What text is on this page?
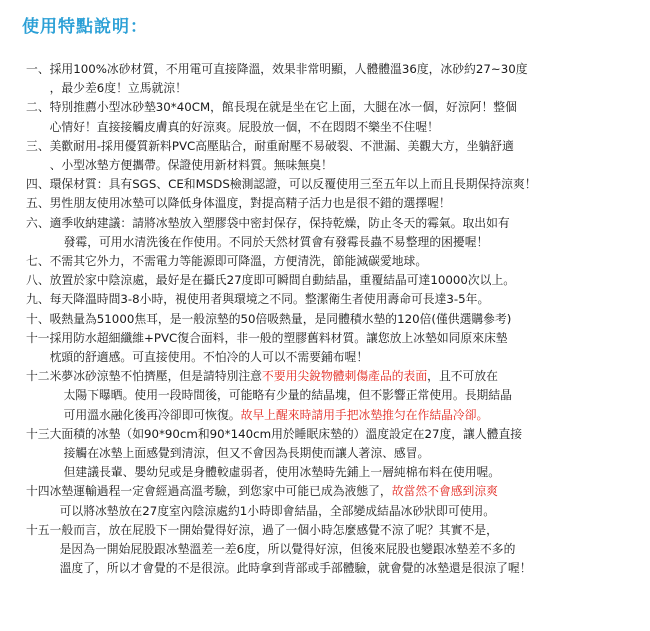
使用特點說明：
一、 採用100%冰砂材質，不用電可直接降溫，效果非常明顯，人體體溫36度，冰砂約27~30度
，最少差6度！立馬就涼！
二、 特別推薦小型冰砂墊30*40CM，館長現在就是坐在它上面，大腿在冰一個，好涼阿！整個
心情好！直接接觸皮膚真的好涼爽。屁股放一個，不在悶悶不樂坐不住喔！
三、 美歡耐用-採用優質新料PVC高壓貼合，耐重耐壓不易破裂、不泄漏、美觀大方，坐躺舒適
、小型冰墊方便攜帶。保證使用新材料質。無味無臭！
四、 環保材質：具有SGS、CE和MSDS檢測認證，可以反覆使用三至五年以上而且長期保持涼爽！
五、 男性朋友使用冰墊可以降低身体溫度，對提高精子活力也是很不錯的選擇喔！
六、 適季收納建議：請將冰墊放入塑膠袋中密封保存，保持乾燥，防止冬天的霉氣。取出如有
發霉，可用水清洗後在作使用。不同於天然材質會有發霉長蟲不易整理的困擾喔！
七、 不需其它外力，不需電力等能源即可降溫，方便清洗，節能減碳愛地球。
八、 放置於家中陰涼處，最好是在攝氏27度即可瞬間自動結晶，重覆結晶可達10000次以上。
九、 每天降溫時間3-8小時，視使用者與環境之不同。整潔衛生者使用壽命可長達3-5年。
十、 吸熱量為51000焦耳，是一般涼墊的50倍吸熱量，是同體積水墊的120倍(僅供選購參考)
十一 採用防水超細纖維+PVC復合面料，非一般的塑膠舊料材質。讓您放上冰墊如同原來床墊
枕頭的舒適感。可直接使用。不怕冷的人可以不需要鋪布喔！
十二 米夢冰砂涼墊不怕擠壓，但是請特別注意不要用尖銳物體刺傷產品的表面，且不可放在
太陽下曝晒。使用一段時間後，可能略有少量的結晶塊，但不影響正常使用。長期結晶
可用溫水融化後再冷卻即可恢復。故早上醒來時請用手把冰墊推匀在作結晶冷卻。
十三 大面積的冰墊（如90*90cm和90*140cm用於睡眠床墊的）溫度設定在27度，讓人體直接
接觸在冰墊上面感覺到清涼，但又不會因為長期使而讓人著涼、感冒。
但建議長輩、嬰幼兒或是身體較虛弱者，使用冰墊時先鋪上一層純棉布料在使用喔。
十四 冰墊運輸過程一定會經過高溫考驗，到您家中可能已成為液態了，故當然不會感到涼爽
可以將冰墊放在27度室內陰涼處約1小時即會結晶，全部變成結晶冰砂狀即可使用。
十五 一般而言，放在屁股下一開始覺得好涼，過了一個小時怎麼感覺不涼了呢？其實不是，
是因為一開始屁股跟冰墊溫差一差6度，所以覺得好涼，但後來屁股也變跟冰墊差不多的
溫度了，所以才會覺的不是很涼。此時拿到背部或手部體驗，就會覺的冰墊還是很涼了喔！
